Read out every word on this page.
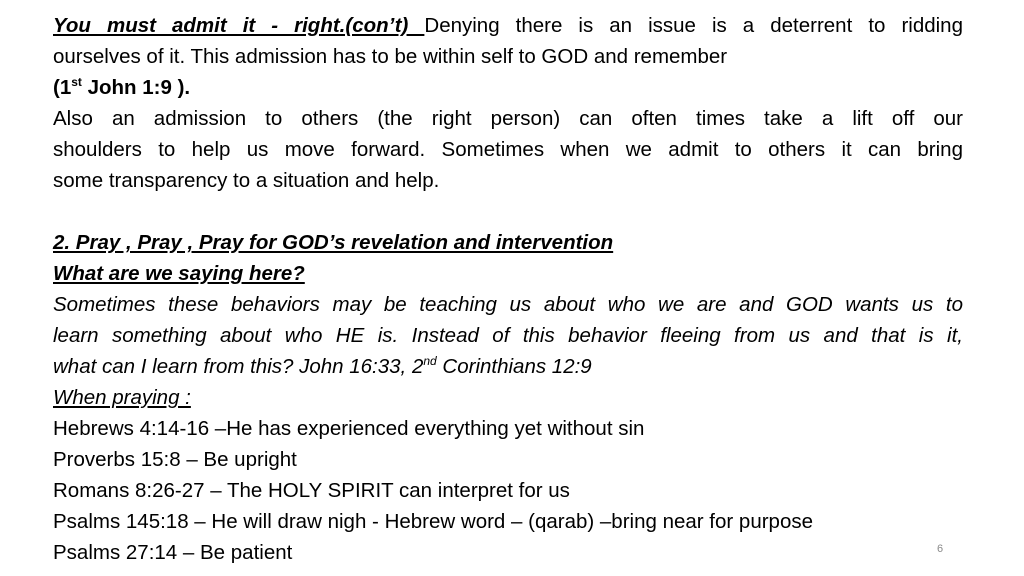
You must admit it - right.(con’t) Denying there is an issue is a deterrent to ridding
ourselves of it. This admission has to be within self to GOD and remember
(1st John 1:9 ).
Also an admission to others (the right person) can often times take a lift off our
shoulders to help us move forward. Sometimes when we admit to others it can bring
some transparency to a situation and help.
2. Pray , Pray , Pray for GOD’s revelation and intervention
What are we saying here?
Sometimes these behaviors may be teaching us about who we are and GOD wants us to
learn something about who HE is. Instead of this behavior fleeing from us and that is it,
what can I learn from this? John 16:33, 2nd Corinthians 12:9
When praying :
Hebrews 4:14-16 –He has experienced everything yet without sin
Proverbs 15:8 – Be upright
Romans 8:26-27 – The HOLY SPIRIT can interpret for us
Psalms 145:18 – He will draw nigh - Hebrew word – (qarab) –bring near for purpose
Psalms 27:14 – Be patient	6
